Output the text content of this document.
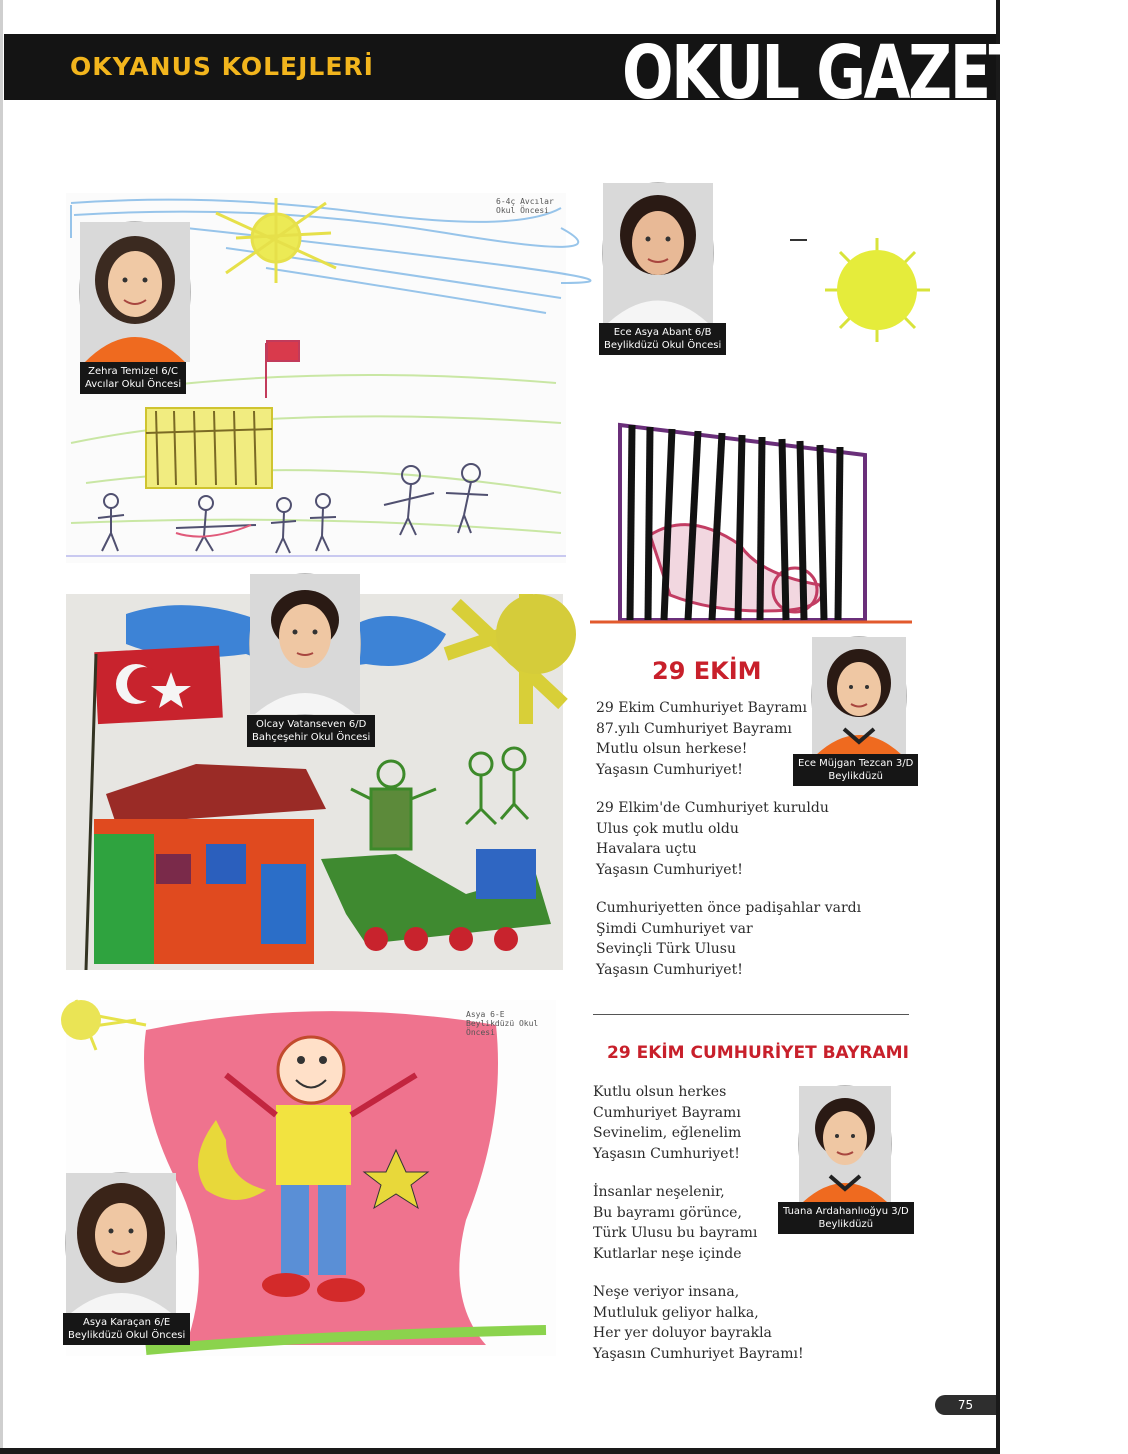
OKYANUS KOLEJLERİ	OKUL GAZETESİ
6-4ç Avcılar Okul Öncesi
Zehra Temizel 6/C
Avcılar Okul Öncesi
Ece Asya Abant 6/B
Beylikdüzü Okul Öncesi
Olcay Vatanseven 6/D
Bahçeşehir Okul Öncesi
29 EKİM
Ece Müjgan Tezcan 3/D
Beylikdüzü
29 Ekim Cumhuriyet Bayramı
87.yılı Cumhuriyet Bayramı
Mutlu olsun herkese!
Yaşasın Cumhuriyet!
29 Elkim'de Cumhuriyet kuruldu
Ulus çok mutlu oldu
Havalara uçtu
Yaşasın Cumhuriyet!
Cumhuriyetten önce padişahlar vardı
Şimdi Cumhuriyet var
Sevinçli Türk Ulusu
Yaşasın Cumhuriyet!
Asya 6-E Beylikdüzü Okul Öncesi
Asya Karaçan 6/E
Beylikdüzü Okul Öncesi
29 EKİM CUMHURİYET BAYRAMI
Tuana Ardahanlıoğyu 3/D
Beylikdüzü
Kutlu olsun herkes
Cumhuriyet Bayramı
Sevinelim, eğlenelim
Yaşasın Cumhuriyet!
İnsanlar neşelenir,
Bu bayramı görünce,
Türk Ulusu bu bayramı
Kutlarlar neşe içinde
Neşe veriyor insana,
Mutluluk geliyor halka,
Her yer doluyor bayrakla
Yaşasın Cumhuriyet Bayramı!
75
